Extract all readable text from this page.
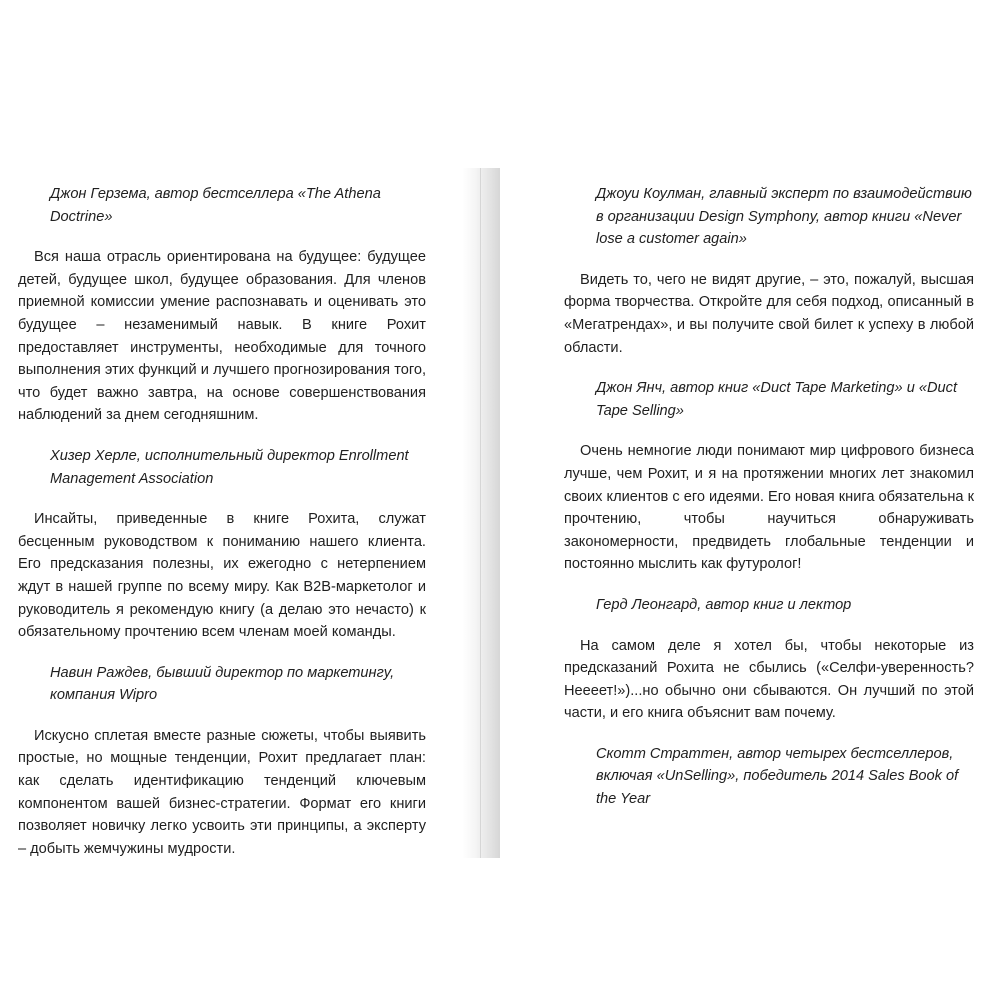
Джон Герзема, автор бестселлера «The Athena Doctrine»

Вся наша отрасль ориентирована на будущее: будущее детей, будущее школ, будущее образования. Для членов приемной комиссии умение распознавать и оценивать это будущее – незаменимый навык. В книге Рохит предоставляет инструменты, необходимые для точного выполнения этих функций и лучшего прогнозирования того, что будет важно завтра, на основе совершенствования наблюдений за днем сегодняшним.

Хизер Херле, исполнительный директор Enrollment Management Association

Инсайты, приведенные в книге Рохита, служат бесценным руководством к пониманию нашего клиента. Его предсказания полезны, их ежегодно с нетерпением ждут в нашей группе по всему миру. Как B2B-маркетолог и руководитель я рекомендую книгу (а делаю это нечасто) к обязательному прочтению всем членам моей команды.

Навин Раждев, бывший директор по маркетингу, компания Wipro

Искусно сплетая вместе разные сюжеты, чтобы выявить простые, но мощные тенденции, Рохит предлагает план: как сделать идентификацию тенденций ключевым компонентом вашей бизнес-стратегии. Формат его книги позволяет новичку легко усвоить эти принципы, а эксперту – добыть жемчужины мудрости.

Джоуи Коулман, главный эксперт по взаимодействию в организации Design Symphony, автор книги «Never lose a customer again»

Видеть то, чего не видят другие, – это, пожалуй, высшая форма творчества. Откройте для себя подход, описанный в «Мегатрендах», и вы получите свой билет к успеху в любой области.

Джон Янч, автор книг «Duct Tape Marketing» и «Duct Tape Selling»

Очень немногие люди понимают мир цифрового бизнеса лучше, чем Рохит, и я на протяжении многих лет знакомил своих клиентов с его идеями. Его новая книга обязательна к прочтению, чтобы научиться обнаруживать закономерности, предвидеть глобальные тенденции и постоянно мыслить как футуролог!

Герд Леонгард, автор книг и лектор

На самом деле я хотел бы, чтобы некоторые из предсказаний Рохита не сбылись («Селфи-уверенность? Нееeет!»)...но обычно они сбываются. Он лучший по этой части, и его книга объяснит вам почему.

Скотт Страттен, автор четырех бестселлеров, включая «UnSelling», победитель 2014 Sales Book of the Year
